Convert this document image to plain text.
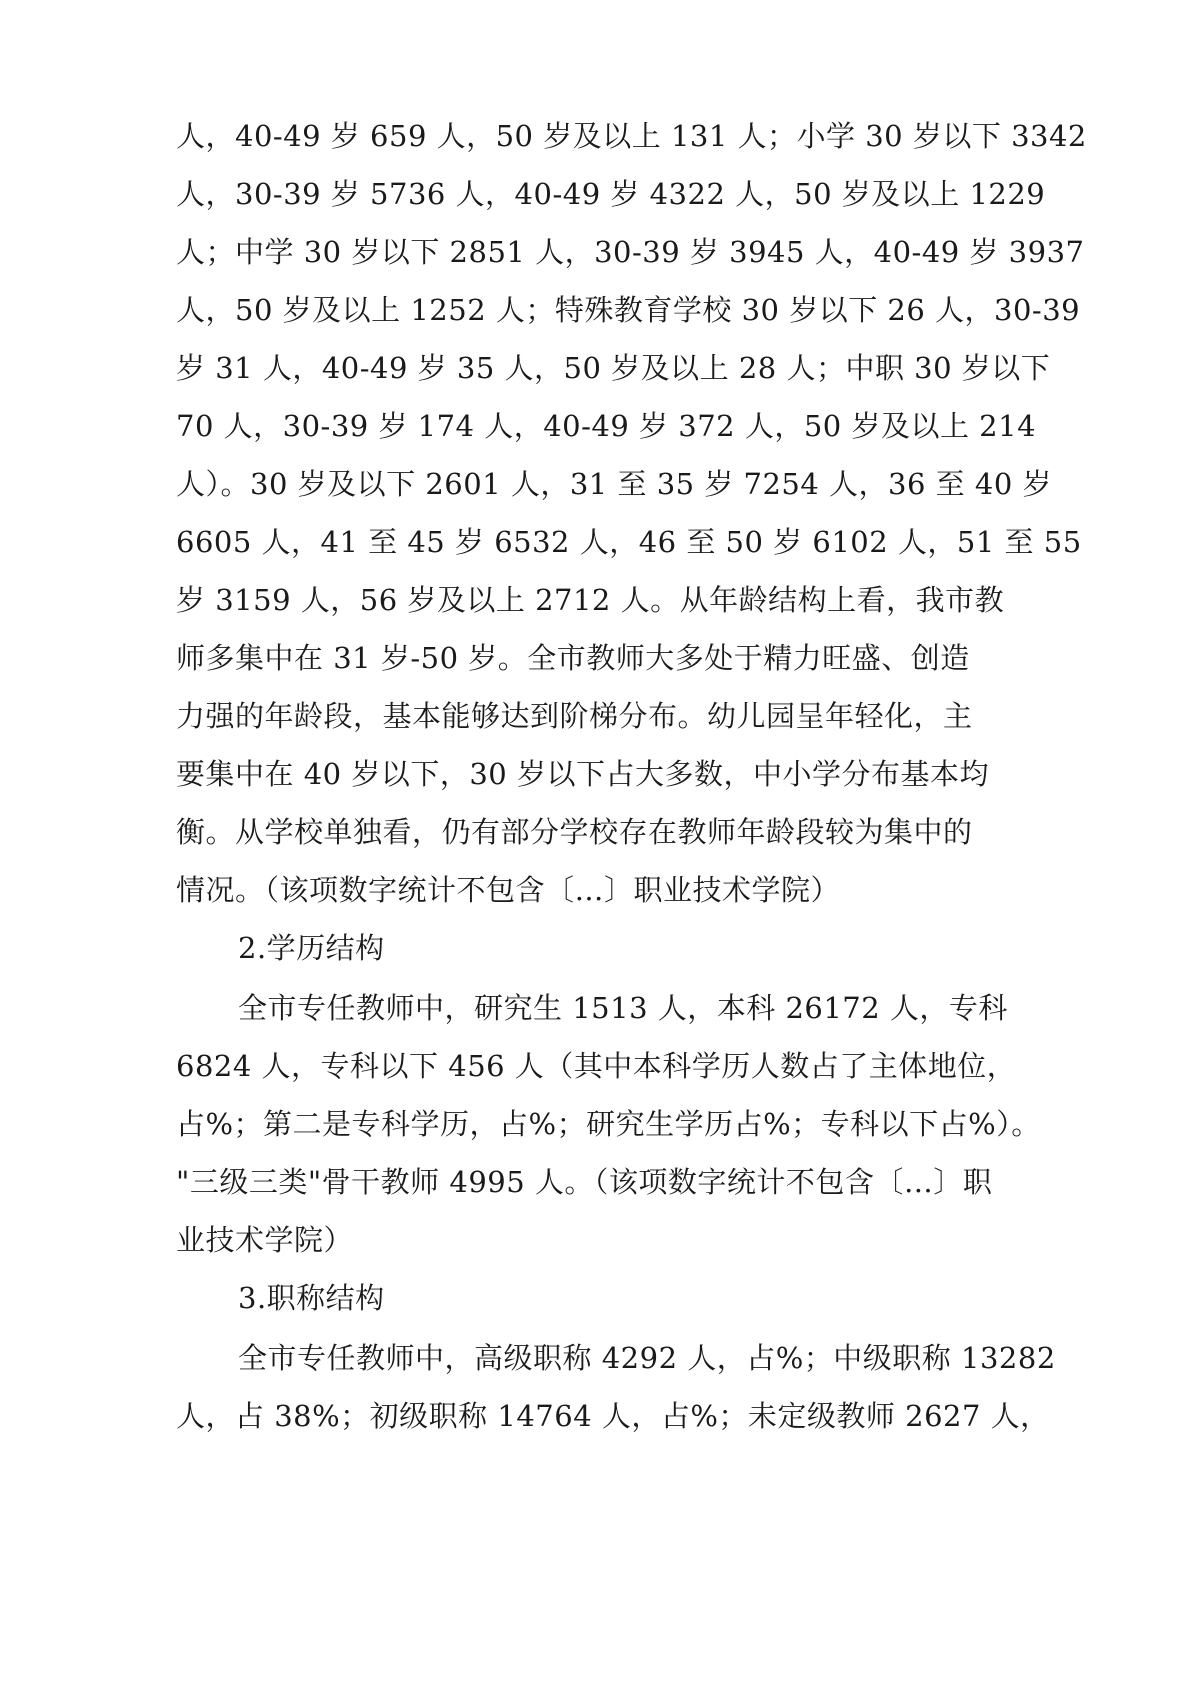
人，40-49 岁 659 人，50 岁及以上 131 人；小学 30 岁以下 3342
人，30-39 岁 5736 人，40-49 岁 4322 人，50 岁及以上 1229
人；中学 30 岁以下 2851 人，30-39 岁 3945 人，40-49 岁 3937
人，50 岁及以上 1252 人；特殊教育学校 30 岁以下 26 人，30-39
岁 31 人，40-49 岁 35 人，50 岁及以上 28 人；中职 30 岁以下
70 人，30-39 岁 174 人，40-49 岁 372 人，50 岁及以上 214
人）。30 岁及以下 2601 人，31 至 35 岁 7254 人，36 至 40 岁
6605 人，41 至 45 岁 6532 人，46 至 50 岁 6102 人，51 至 55
岁 3159 人，56 岁及以上 2712 人。从年龄结构上看，我市教
师多集中在 31 岁-50 岁。全市教师大多处于精力旺盛、创造
力强的年龄段，基本能够达到阶梯分布。幼儿园呈年轻化，主
要集中在 40 岁以下，30 岁以下占大多数，中小学分布基本均
衡。从学校单独看，仍有部分学校存在教师年龄段较为集中的
情况。（该项数字统计不包含〔…〕职业技术学院）
2.学历结构
全市专任教师中，研究生 1513 人，本科 26172 人，专科
6824 人，专科以下 456 人（其中本科学历人数占了主体地位，
占%；第二是专科学历，占%；研究生学历占%；专科以下占%）。
"三级三类"骨干教师 4995 人。（该项数字统计不包含〔…〕职
业技术学院）
3.职称结构
全市专任教师中，高级职称 4292 人，占%；中级职称 13282
人，占 38%；初级职称 14764 人，占%；未定级教师 2627 人，
